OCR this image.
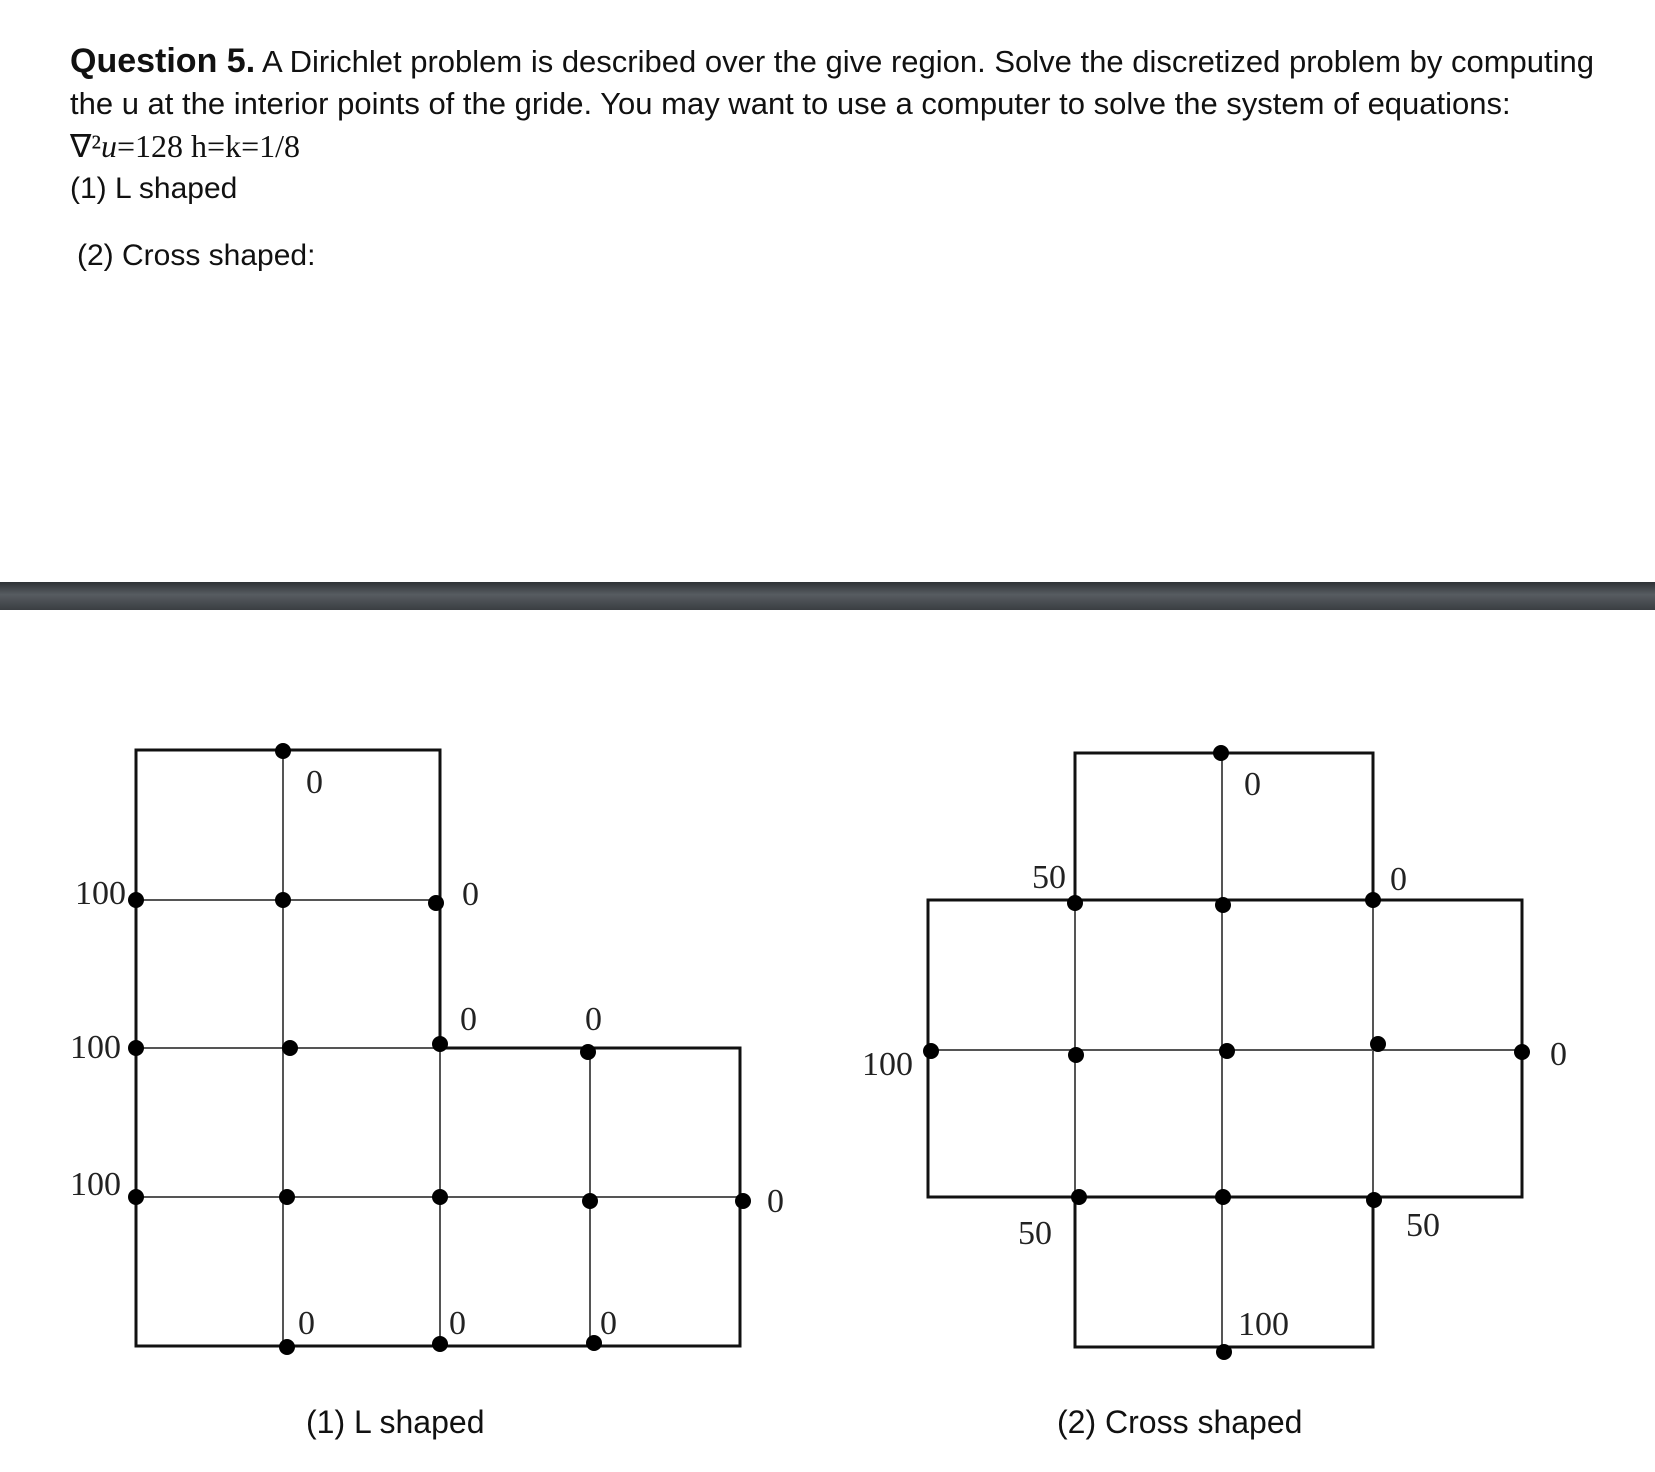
Question 5. A Dirichlet problem is described over the give region. Solve the discretized problem by computing the u at the interior points of the gride. You may want to use a computer to solve the system of equations: ∇²u=128 h=k=1/8

(1) L shaped
(2) Cross shaped:
0
100	0
0	0
100
100	0
0	0	0
(1) L shaped
0
50	0
100	0
50	50
100
(2) Cross shaped
